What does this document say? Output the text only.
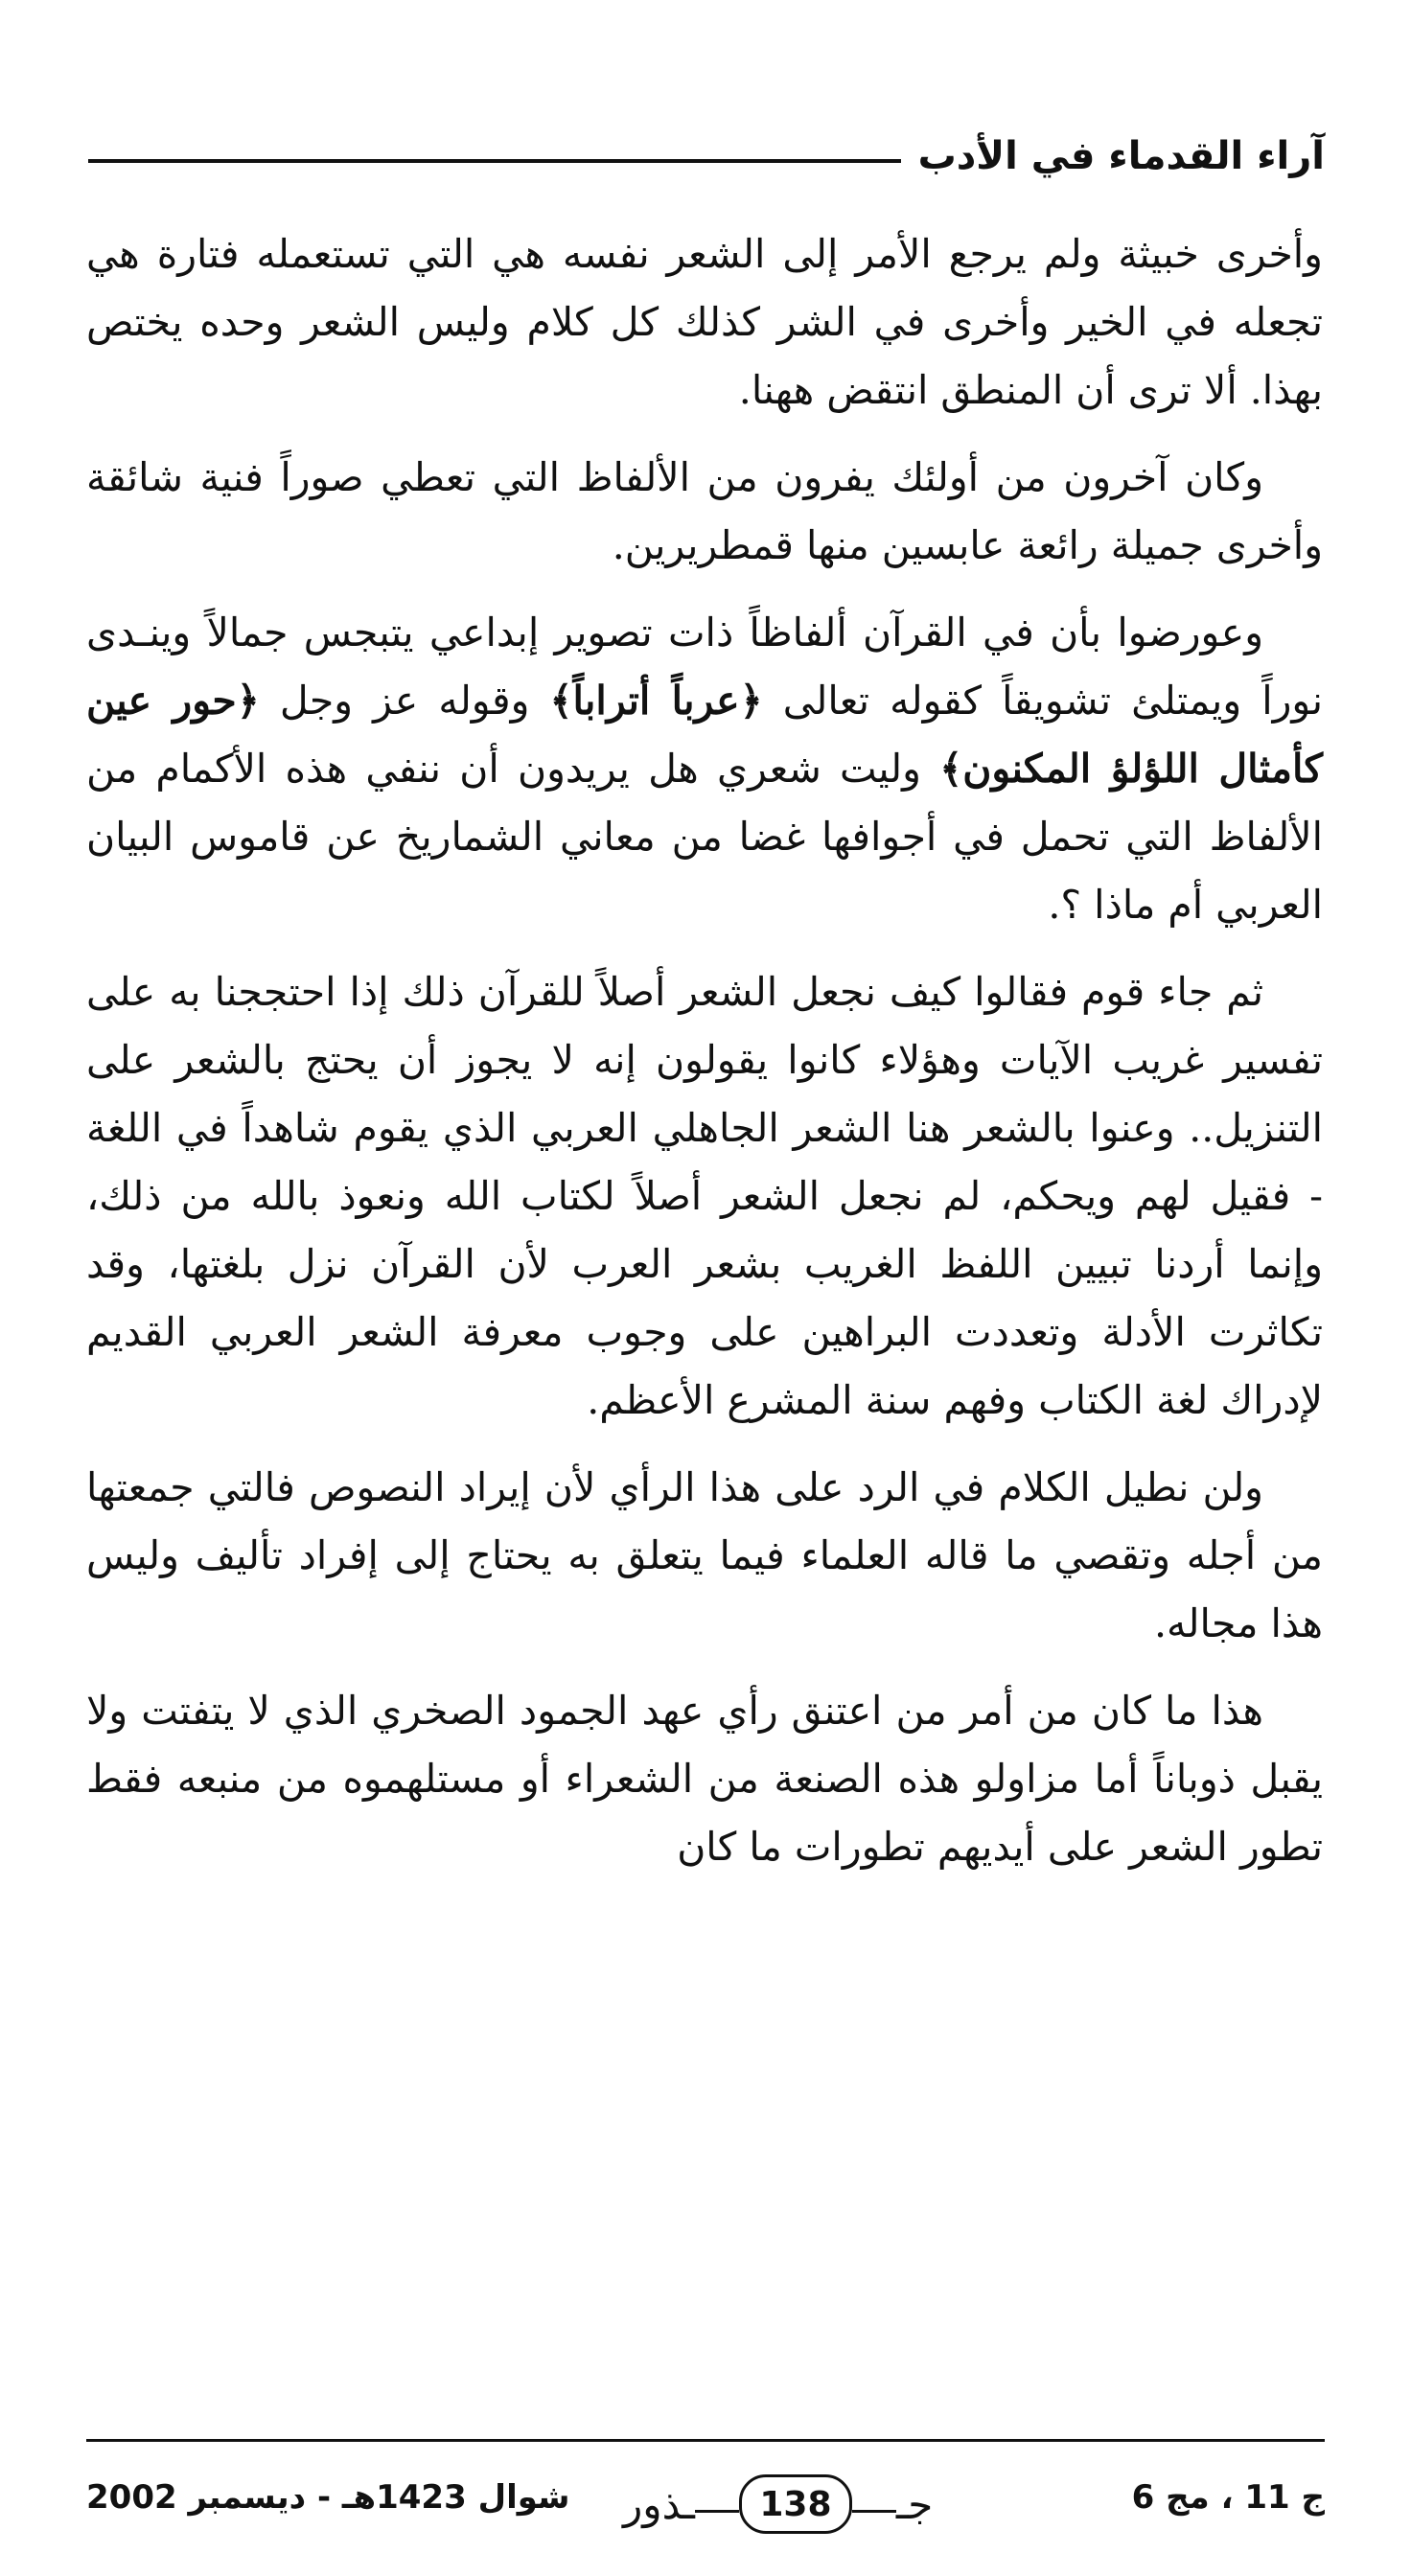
آراء القدماء في الأدب

وأخرى خبيثة ولم يرجع الأمر إلى الشعر نفسه هي التي تستعمله فتارة هي تجعله في الخير وأخرى في الشر كذلك كل كلام وليس الشعر وحده يختص بهذا. ألا ترى أن المنطق انتقض ههنا.

وكان آخرون من أولئك يفرون من الألفاظ التي تعطي صوراً فنية شائقة وأخرى جميلة رائعة عابسين منها قمطريرين.

وعورضوا بأن في القرآن ألفاظاً ذات تصوير إبداعي يتبجس جمالاً وينـدى نوراً ويمتلئ تشويقاً كقوله تعالى ﴿عرباً أتراباً﴾ وقوله عز وجل ﴿حور عين كأمثال اللؤلؤ المكنون﴾ وليت شعري هل يريدون أن ننفي هذه الأكمام من الألفاظ التي تحمل في أجوافها غضا من معاني الشماريخ عن قاموس البيان العربي أم ماذا ؟.

ثم جاء قوم فقالوا كيف نجعل الشعر أصلاً للقرآن ذلك إذا احتججنا به على تفسير غريب الآيات وهؤلاء كانوا يقولون إنه لا يجوز أن يحتج بالشعر على التنزيل.. وعنوا بالشعر هنا الشعر الجاهلي العربي الذي يقوم شاهداً في اللغة - فقيل لهم ويحكم، لم نجعل الشعر أصلاً لكتاب الله ونعوذ بالله من ذلك، وإنما أردنا تبيين اللفظ الغريب بشعر العرب لأن القرآن نزل بلغتها، وقد تكاثرت الأدلة وتعددت البراهين على وجوب معرفة الشعر العربي القديم لإدراك لغة الكتاب وفهم سنة المشرع الأعظم.

ولن نطيل الكلام في الرد على هذا الرأي لأن إيراد النصوص فالتي جمعتها من أجله وتقصي ما قاله العلماء فيما يتعلق به يحتاج إلى إفراد تأليف وليس هذا مجاله.

هذا ما كان من أمر من اعتنق رأي عهد الجمود الصخري الذي لا يتفتت ولا يقبل ذوباناً أما مزاولو هذه الصنعة من الشعراء أو مستلهموه من منبعه فقط تطور الشعر على أيديهم تطورات ما كان

ج 11 ، مج 6
ـذور 138 جـ
شوال 1423هـ - ديسمبر 2002
